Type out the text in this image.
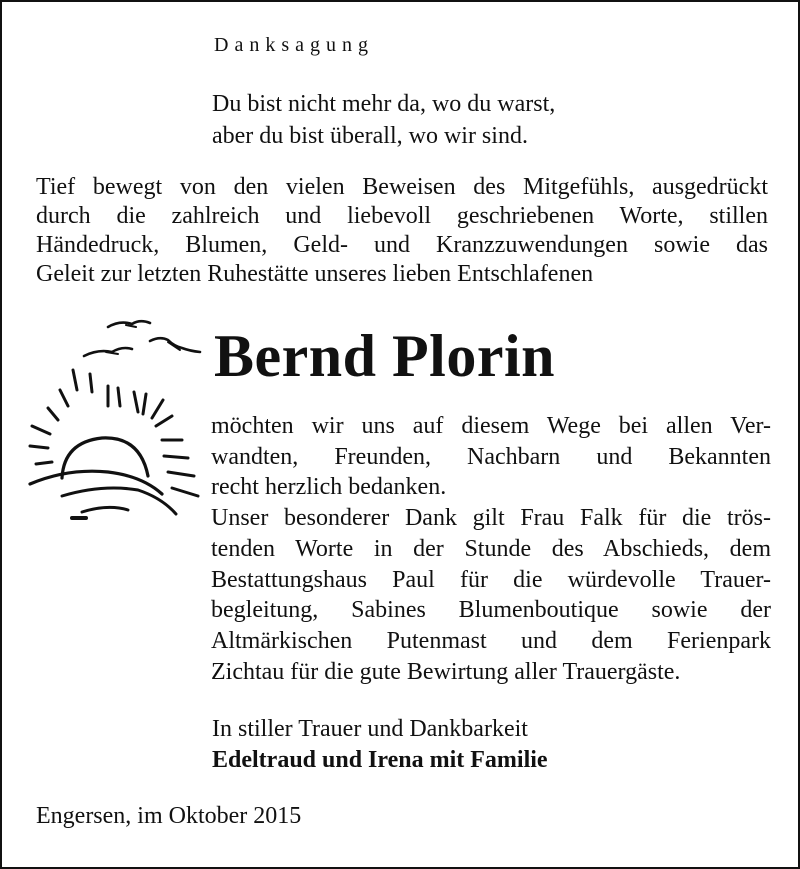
Danksagung

Du bist nicht mehr da, wo du warst,
aber du bist überall, wo wir sind.
Tief bewegt von den vielen Beweisen des Mitgefühls, ausgedrückt
durch die zahlreich und liebevoll geschriebenen Worte, stillen
Händedruck, Blumen, Geld- und Kranzzuwendungen sowie das
Geleit zur letzten Ruhestätte unseres lieben Entschlafenen

Bernd Plorin

möchten wir uns auf diesem Wege bei allen Ver-
wandten, Freunden, Nachbarn und Bekannten
recht herzlich bedanken.
Unser besonderer Dank gilt Frau Falk für die trös-
tenden Worte in der Stunde des Abschieds, dem
Bestattungshaus Paul für die würdevolle Trauer-
begleitung, Sabines Blumenboutique sowie der
Altmärkischen Putenmast und dem Ferienpark
Zichtau für die gute Bewirtung aller Trauergäste.

In stiller Trauer und Dankbarkeit

Edeltraud und Irena mit Familie

Engersen, im Oktober 2015
